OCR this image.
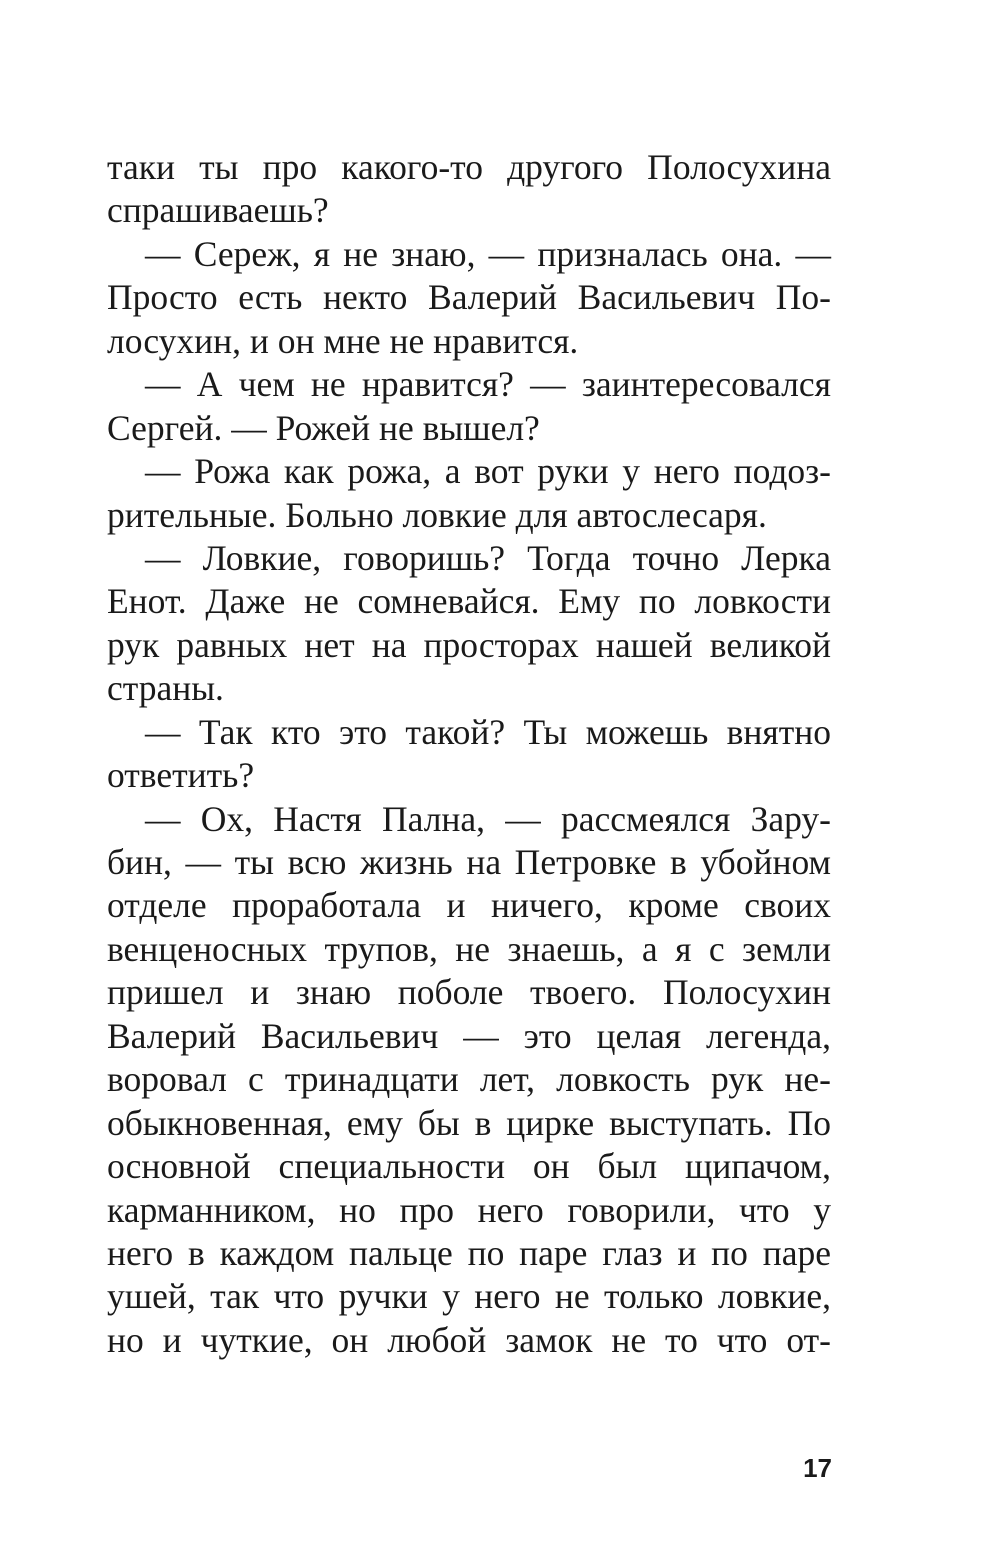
таки ты про какого-то другого Полосухина
спрашиваешь?
— Сереж, я не знаю, — призналась она. —
Просто есть некто Валерий Васильевич По-
лосухин, и он мне не нравится.
— А чем не нравится? — заинтересовался
Сергей. — Рожей не вышел?
— Рожа как рожа, а вот руки у него подоз-
рительные. Больно ловкие для автослесаря.
— Ловкие, говоришь? Тогда точно Лерка
Енот. Даже не сомневайся. Ему по ловкости
рук равных нет на просторах нашей великой
страны.
— Так кто это такой? Ты можешь внятно
ответить?
— Ох, Настя Пална, — рассмеялся Зару-
бин, — ты всю жизнь на Петровке в убойном
отделе проработала и ничего, кроме своих
венценосных трупов, не знаешь, а я с земли
пришел и знаю поболе твоего. Полосухин
Валерий Васильевич — это целая легенда,
воровал с тринадцати лет, ловкость рук не-
обыкновенная, ему бы в цирке выступать. По
основной специальности он был щипачом,
карманником, но про него говорили, что у
него в каждом пальце по паре глаз и по паре
ушей, так что ручки у него не только ловкие,
но и чуткие, он любой замок не то что от-
17
